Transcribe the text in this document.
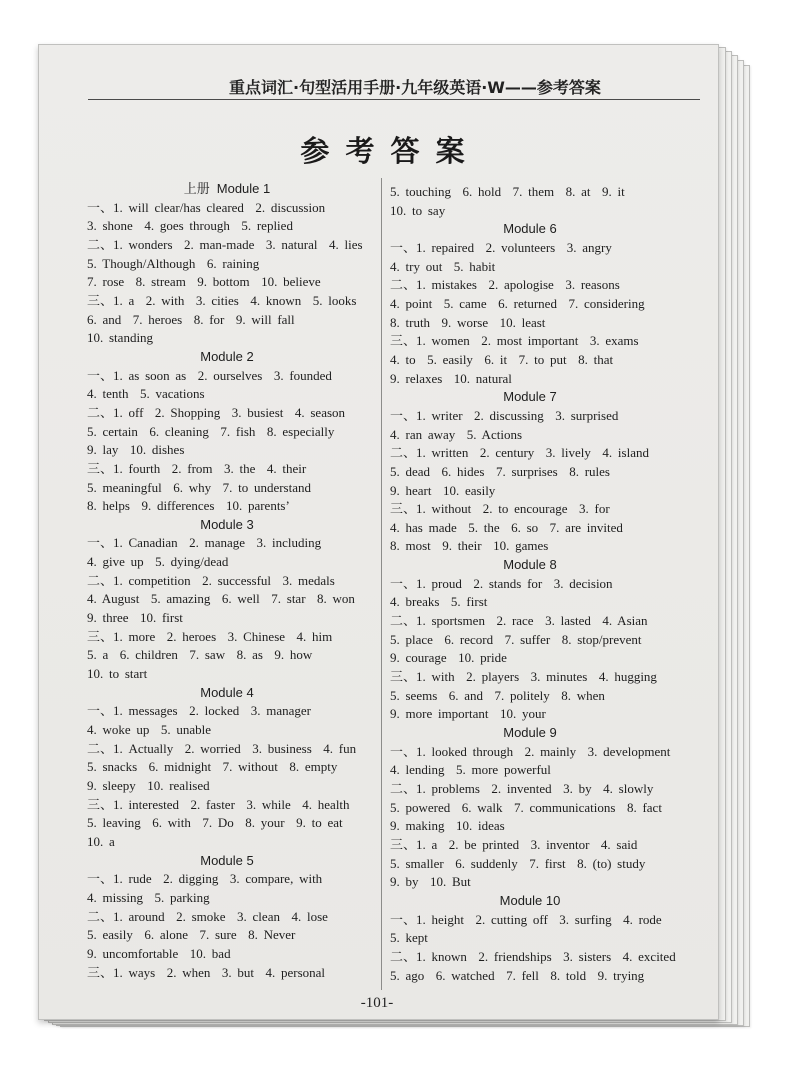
重点词汇·句型活用手册·九年级英语·W——参考答案
参 考 答 案
上册 Module 1
一、1. will clear/has cleared  2. discussion
3. shone  4. goes through  5. replied
二、1. wonders  2. man-made  3. natural  4. lies
5. Though/Although  6. raining
7. rose  8. stream  9. bottom  10. believe
三、1. a  2. with  3. cities  4. known  5. looks
6. and  7. heroes  8. for  9. will fall
10. standing
Module 2
一、1. as soon as  2. ourselves  3. founded
4. tenth  5. vacations
二、1. off  2. Shopping  3. busiest  4. season
5. certain  6. cleaning  7. fish  8. especially
9. lay  10. dishes
三、1. fourth  2. from  3. the  4. their
5. meaningful  6. why  7. to understand
8. helps  9. differences  10. parents’
Module 3
一、1. Canadian  2. manage  3. including
4. give up  5. dying/dead
二、1. competition  2. successful  3. medals
4. August  5. amazing  6. well  7. star  8. won
9. three  10. first
三、1. more  2. heroes  3. Chinese  4. him
5. a  6. children  7. saw  8. as  9. how
10. to start
Module 4
一、1. messages  2. locked  3. manager
4. woke up  5. unable
二、1. Actually  2. worried  3. business  4. fun
5. snacks  6. midnight  7. without  8. empty
9. sleepy  10. realised
三、1. interested  2. faster  3. while  4. health
5. leaving  6. with  7. Do  8. your  9. to eat
10. a
Module 5
一、1. rude  2. digging  3. compare, with
4. missing  5. parking
二、1. around  2. smoke  3. clean  4. lose
5. easily  6. alone  7. sure  8. Never
9. uncomfortable  10. bad
三、1. ways  2. when  3. but  4. personal
5. touching  6. hold  7. them  8. at  9. it
10. to say
Module 6
一、1. repaired  2. volunteers  3. angry
4. try out  5. habit
二、1. mistakes  2. apologise  3. reasons
4. point  5. came  6. returned  7. considering
8. truth  9. worse  10. least
三、1. women  2. most important  3. exams
4. to  5. easily  6. it  7. to put  8. that
9. relaxes  10. natural
Module 7
一、1. writer  2. discussing  3. surprised
4. ran away  5. Actions
二、1. written  2. century  3. lively  4. island
5. dead  6. hides  7. surprises  8. rules
9. heart  10. easily
三、1. without  2. to encourage  3. for
4. has made  5. the  6. so  7. are invited
8. most  9. their  10. games
Module 8
一、1. proud  2. stands for  3. decision
4. breaks  5. first
二、1. sportsmen  2. race  3. lasted  4. Asian
5. place  6. record  7. suffer  8. stop/prevent
9. courage  10. pride
三、1. with  2. players  3. minutes  4. hugging
5. seems  6. and  7. politely  8. when
9. more important  10. your
Module 9
一、1. looked through  2. mainly  3. development
4. lending  5. more powerful
二、1. problems  2. invented  3. by  4. slowly
5. powered  6. walk  7. communications  8. fact
9. making  10. ideas
三、1. a  2. be printed  3. inventor  4. said
5. smaller  6. suddenly  7. first  8. (to) study
9. by  10. But
Module 10
一、1. height  2. cutting off  3. surfing  4. rode
5. kept
二、1. known  2. friendships  3. sisters  4. excited
5. ago  6. watched  7. fell  8. told  9. trying
-101-
